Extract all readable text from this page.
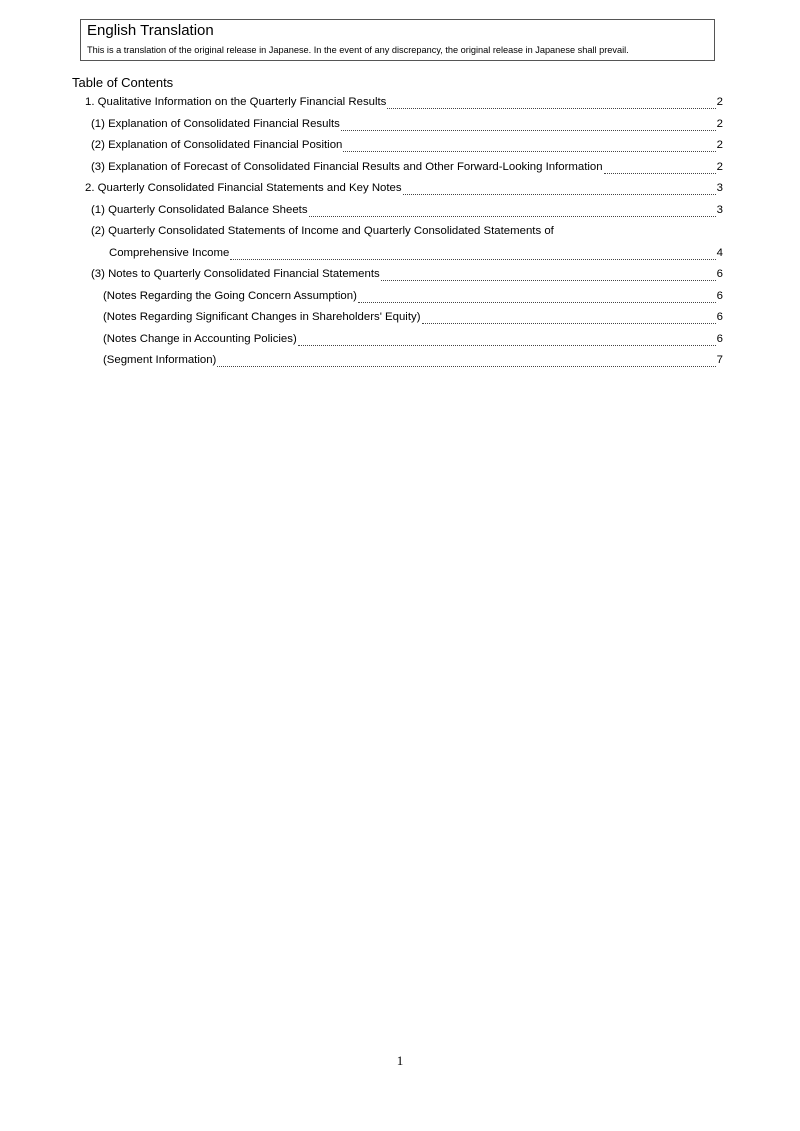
English Translation
This is a translation of the original release in Japanese. In the event of any discrepancy, the original release in Japanese shall prevail.
Table of Contents
1. Qualitative Information on the Quarterly Financial Results	2
(1) Explanation of Consolidated Financial Results	2
(2) Explanation of Consolidated Financial Position	2
(3) Explanation of Forecast of Consolidated Financial Results and Other Forward-Looking Information	2
2. Quarterly Consolidated Financial Statements and Key Notes	3
(1) Quarterly Consolidated Balance Sheets	3
(2) Quarterly Consolidated Statements of Income and Quarterly Consolidated Statements of
Comprehensive Income	4
(3) Notes to Quarterly Consolidated Financial Statements	6
(Notes Regarding the Going Concern Assumption)	6
(Notes Regarding Significant Changes in Shareholders' Equity)	6
(Notes Change in Accounting Policies)	6
(Segment Information)	7
1
